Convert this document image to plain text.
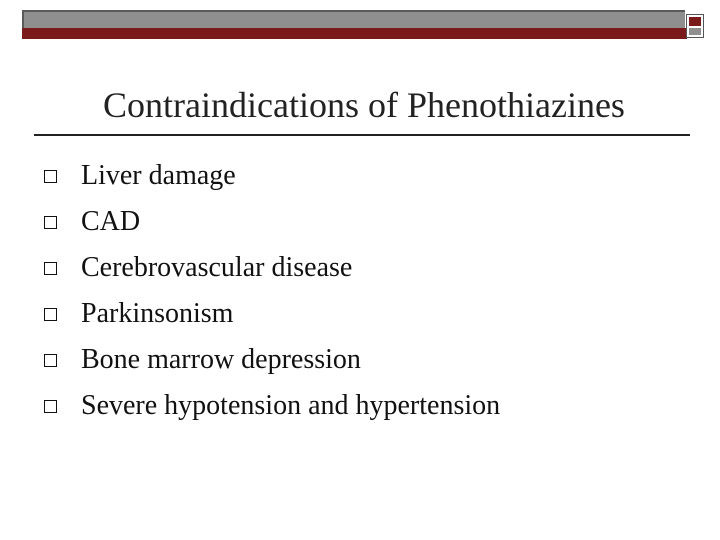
Contraindications of Phenothiazines
Liver damage
CAD
Cerebrovascular disease
Parkinsonism
Bone marrow depression
Severe hypotension and hypertension
